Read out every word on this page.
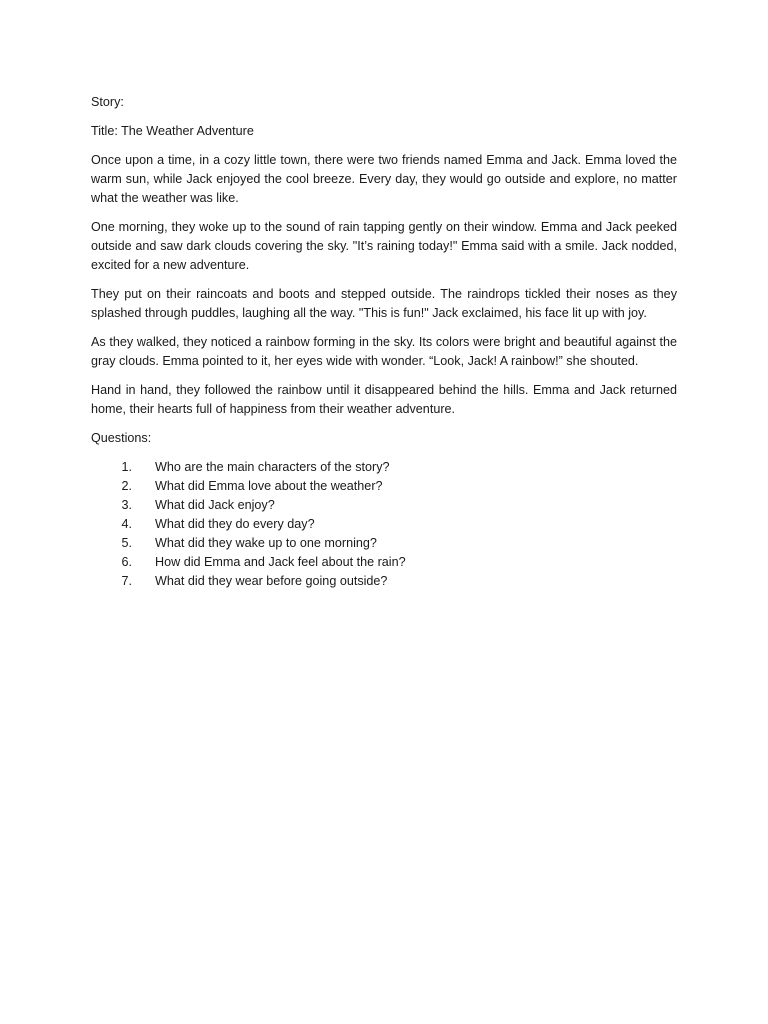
Story:

Title: The Weather Adventure

Once upon a time, in a cozy little town, there were two friends named Emma and Jack. Emma loved the warm sun, while Jack enjoyed the cool breeze. Every day, they would go outside and explore, no matter what the weather was like.

One morning, they woke up to the sound of rain tapping gently on their window. Emma and Jack peeked outside and saw dark clouds covering the sky. "It’s raining today!" Emma said with a smile. Jack nodded, excited for a new adventure.

They put on their raincoats and boots and stepped outside. The raindrops tickled their noses as they splashed through puddles, laughing all the way. "This is fun!" Jack exclaimed, his face lit up with joy.

As they walked, they noticed a rainbow forming in the sky. Its colors were bright and beautiful against the gray clouds. Emma pointed to it, her eyes wide with wonder. “Look, Jack! A rainbow!” she shouted.

Hand in hand, they followed the rainbow until it disappeared behind the hills. Emma and Jack returned home, their hearts full of happiness from their weather adventure.

Questions:

1.	Who are the main characters of the story?
2.	What did Emma love about the weather?
3.	What did Jack enjoy?
4.	What did they do every day?
5.	What did they wake up to one morning?
6.	How did Emma and Jack feel about the rain?
7.	What did they wear before going outside?
